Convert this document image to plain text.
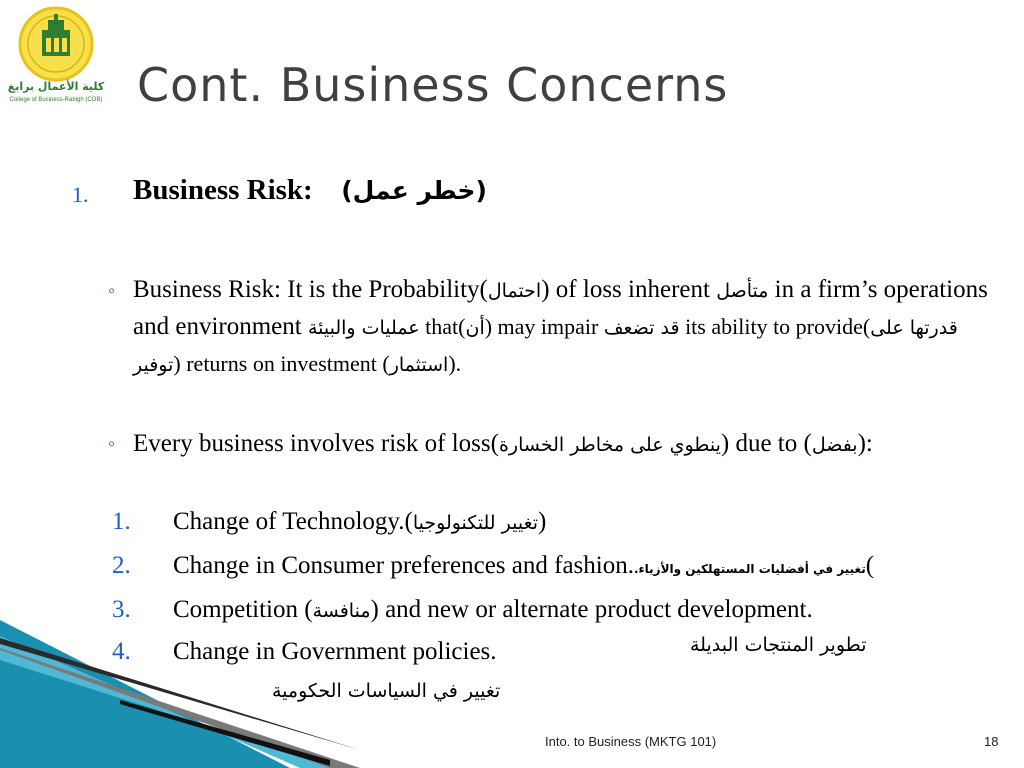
كلية الأعمال برابغ
College of Business-Rabigh (COB) Cont. Business Concerns
1. Business Risk: (خطر عمل)
◦ Business Risk: It is the Probability(احتمال) of loss inherent متأصل in a firm’s operations and environment عمليات والبيئة that(أن) may impair قد تضعف its ability to provide(قدرتها على توفير) returns on investment (استثمار).
◦ Every business involves risk of loss(ينطوي على مخاطر الخسارة) due to (بفضل):
1. Change of Technology.(تغيير للتكنولوجيا)
2. Change in Consumer preferences and fashion..تغيير في أفضليات المستهلكين والأزياء(
3. Competition (منافسة) and new or alternate product development.
4. Change in Government policies.	تطوير المنتجات البديلة
تغيير في السياسات الحكومية
Into. to Business (MKTG 101)	18
